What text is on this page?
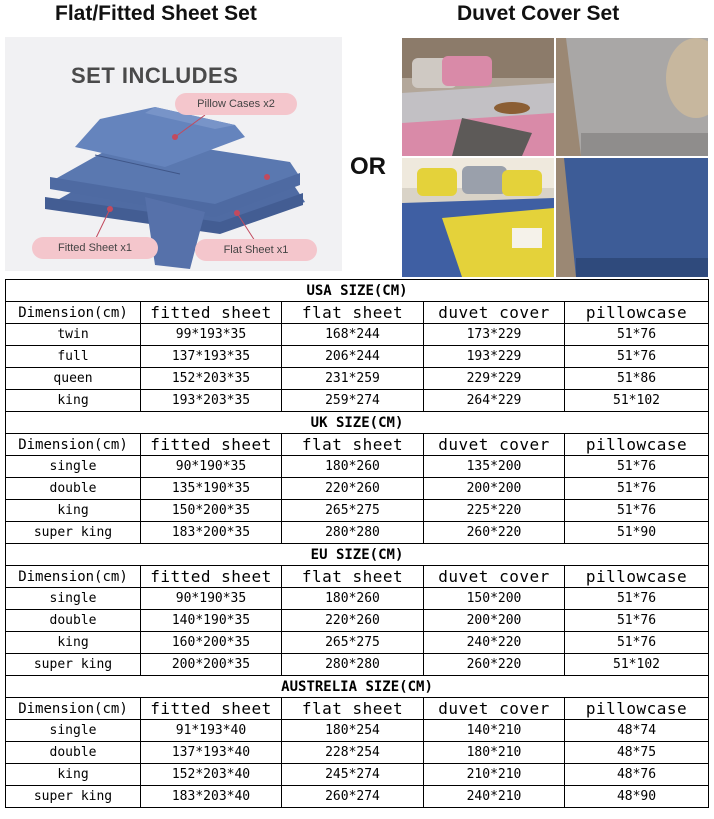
Flat/Fitted Sheet Set	Duvet Cover Set
SET INCLUDES
Pillow Cases x2
Fitted Sheet x1	Flat Sheet x1
OR
USA SIZE(CM)				
Dimension(cm)	fitted sheet	flat sheet	duvet cover	pillowcase
twin	99*193*35	168*244	173*229	51*76
full	137*193*35	206*244	193*229	51*76
queen	152*203*35	231*259	229*229	51*86
king	193*203*35	259*274	264*229	51*102
UK SIZE(CM)				
Dimension(cm)	fitted sheet	flat sheet	duvet cover	pillowcase
single	90*190*35	180*260	135*200	51*76
double	135*190*35	220*260	200*200	51*76
king	150*200*35	265*275	225*220	51*76
super king	183*200*35	280*280	260*220	51*90
EU SIZE(CM)				
Dimension(cm)	fitted sheet	flat sheet	duvet cover	pillowcase
single	90*190*35	180*260	150*200	51*76
double	140*190*35	220*260	200*200	51*76
king	160*200*35	265*275	240*220	51*76
super king	200*200*35	280*280	260*220	51*102
AUSTRELIA SIZE(CM)				
Dimension(cm)	fitted sheet	flat sheet	duvet cover	pillowcase
single	91*193*40	180*254	140*210	48*74
double	137*193*40	228*254	180*210	48*75
king	152*203*40	245*274	210*210	48*76
super king	183*203*40	260*274	240*210	48*90
